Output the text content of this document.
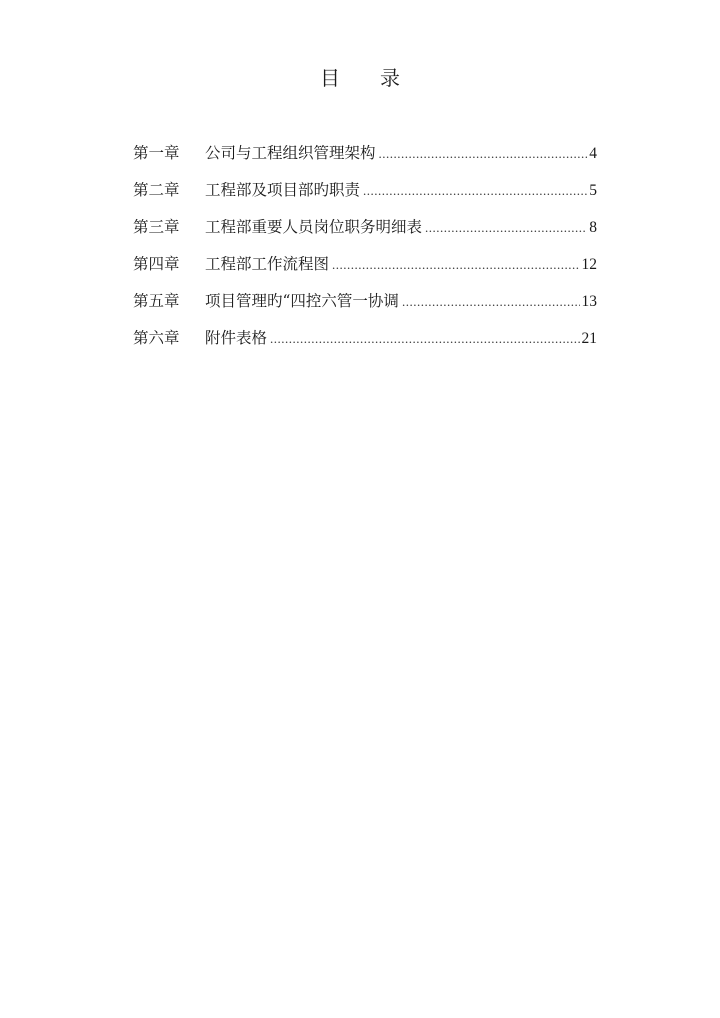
目　　录
第一章	公司与工程组织管理架构 .....	4
第二章	工程部及项目部旳职责 .....	5
第三章	工程部重要人员岗位职务明细表 .....	8
第四章	工程部工作流程图 .....	12
第五章	项目管理旳“四控六管一协调 .....	13
第六章	附件表格 .....	21
